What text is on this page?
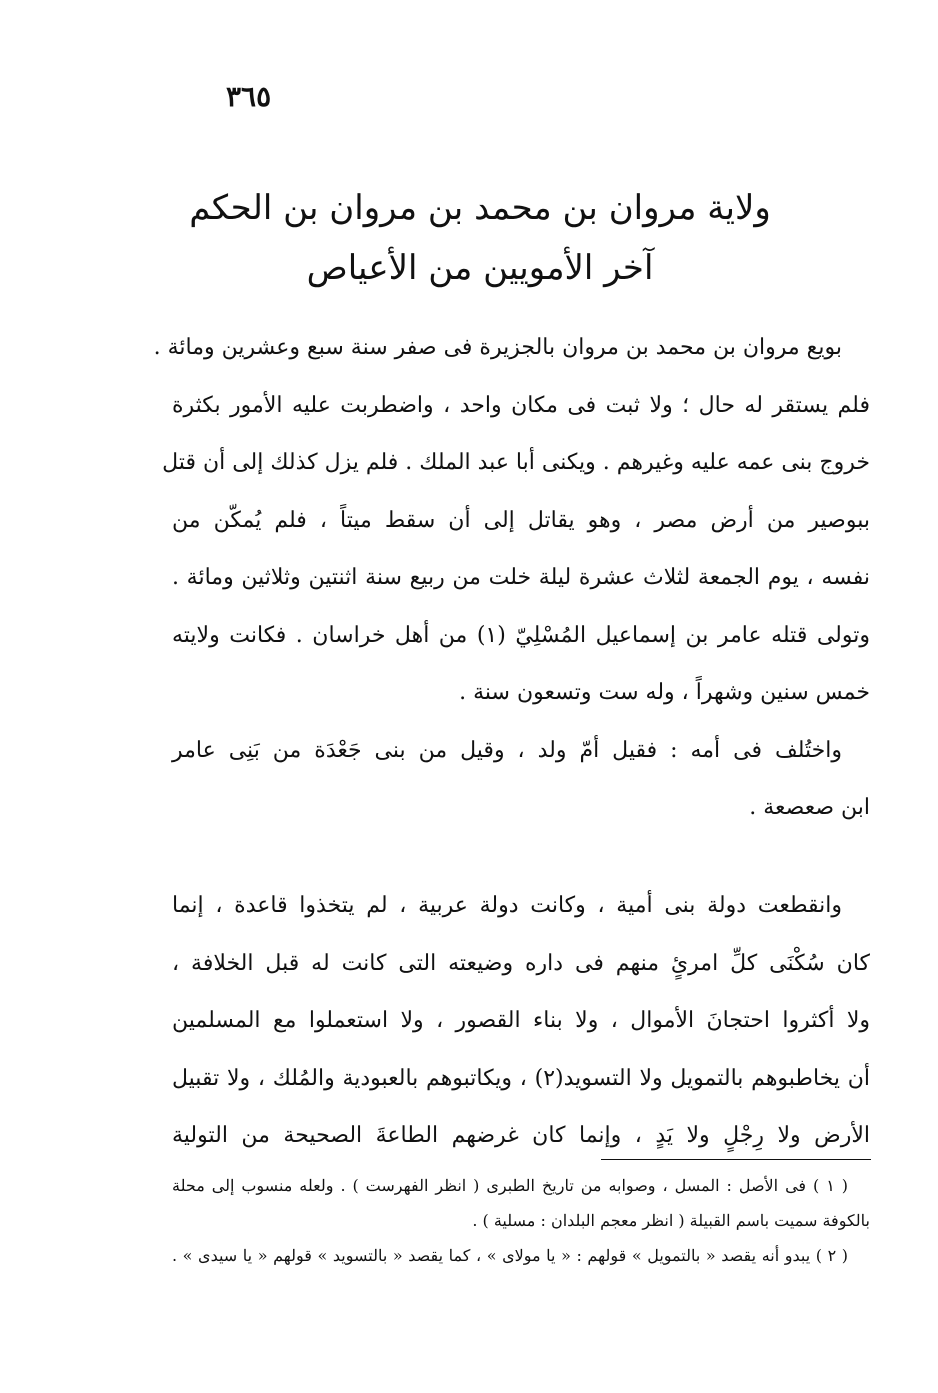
٣٦٥
ولاية مروان بن محمد بن مروان بن الحكم
آخر الأمويين من الأعياص
بويع مروان بن محمد بن مروان بالجزيرة فى صفر سنة سبع وعشرين ومائة .
فلم يستقر له حال ؛ ولا ثبت فى مكان واحد ، واضطربت عليه الأمور بكثرة
خروج بنى عمه عليه وغيرهم . ويكنى أبا عبد الملك . فلم يزل كذلك إلى أن قتل
ببوصير من أرض مصر ، وهو يقاتل إلى أن سقط ميتاً ، فلم يُمكّن من
نفسه ، يوم الجمعة لثلاث عشرة ليلة خلت من ربيع سنة اثنتين وثلاثين ومائة .
وتولى قتله عامر بن إسماعيل المُسْلِيّ (١) من أهل خراسان . فكانت ولايته
خمس سنين وشهراً ، وله ست وتسعون سنة .
واختُلف فى أمه : فقيل أمّ ولد ، وقيل من بنى جَعْدَة من بَنِى عامر
ابن صعصعة .
وانقطعت دولة بنى أمية ، وكانت دولة عربية ، لم يتخذوا قاعدة ، إنما
كان سُكْنَى كلِّ امرئٍ منهم فى داره وضيعته التى كانت له قبل الخلافة ،
ولا أكثروا احتجانَ الأموال ، ولا بناء القصور ، ولا استعملوا مع المسلمين
أن يخاطبوهم بالتمويل ولا التسويد(٢) ، ويكاتبوهم بالعبودية والمُلك ، ولا تقبيل
الأرض ولا رِجْلٍ ولا يَدٍ ، وإنما كان غرضهم الطاعةَ الصحيحة من التولية
( ١ ) فى الأصل : المسل ، وصوابه من تاريخ الطبرى ( انظر الفهرست ) . ولعله منسوب إلى محلة
بالكوفة سميت باسم القبيلة ( انظر معجم البلدان : مسلية ) .
( ٢ ) يبدو أنه يقصد « بالتمويل » قولهم : « يا مولاى » ، كما يقصد « بالتسويد » قولهم « يا سيدى » .
